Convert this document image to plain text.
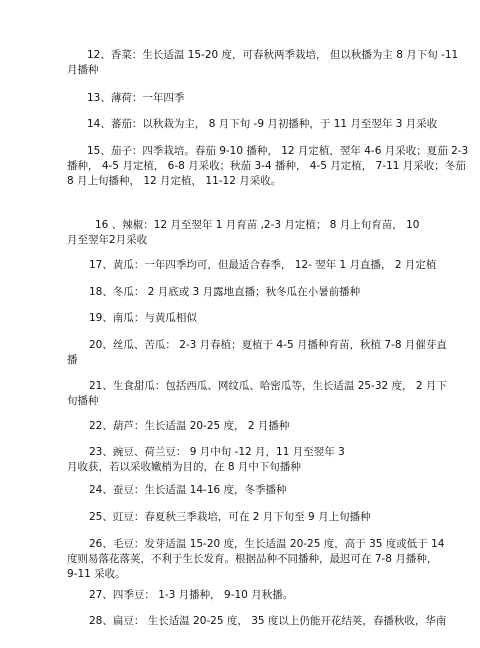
12、香菜：生长适温 15-20 度，可春秋两季栽培， 但以秋播为主 8 月下旬 -11
月播种
13、薄荷：一年四季
14、蕃茄：以秋栽为主， 8 月下旬 -9 月初播种，于 11 月至翌年 3 月采收
15、茄子：四季栽培。春茄 9-10 播种， 12 月定植，翌年 4-6 月采收；夏茄 2-3
播种， 4-5 月定植， 6-8 月采收；秋茄 3-4 播种， 4-5 月定植， 7-11 月采收；冬茄
8 月上旬播种， 12 月定植， 11-12 月采收。
16 、辣椒：12 月至翌年 1 月育苗 ,2-3 月定植； 8 月上旬育苗， 10
月至翌年2月采收
17、黄瓜：一年四季均可，但最适合春季， 12- 翌年 1 月直播， 2 月定植
18、冬瓜： 2 月底或 3 月露地直播；秋冬瓜在小暑前播种
19、南瓜：与黄瓜相似
20、丝瓜、苦瓜： 2-3 月春植；夏植于 4-5 月播种育苗，秋植 7-8 月催芽直
播
21、生食甜瓜：包括西瓜、网纹瓜、哈密瓜等，生长适温 25-32 度， 2 月下
旬播种
22、葫芦：生长适温 20-25 度， 2 月播种
23、豌豆、荷兰豆： 9 月中旬 -12 月，11 月至翌年 3
月收获，若以采收嫩梢为目的，在 8 月中下旬播种
24、蚕豆：生长适温 14-16 度，冬季播种
25、豇豆：春夏秋三季栽培，可在 2 月下旬至 9 月上旬播种
26、毛豆：发芽适温 15-20 度，生长适温 20-25 度，高于 35 度或低于 14
度则易落花落荚，不利于生长发育。根据品种不同播种，最迟可在 7-8 月播种，
9-11 采收。
27、四季豆： 1-3 月播种， 9-10 月秋播。
28、扁豆： 生长适温 20-25 度， 35 度以上仍能开花结荚，春播秋收，华南
